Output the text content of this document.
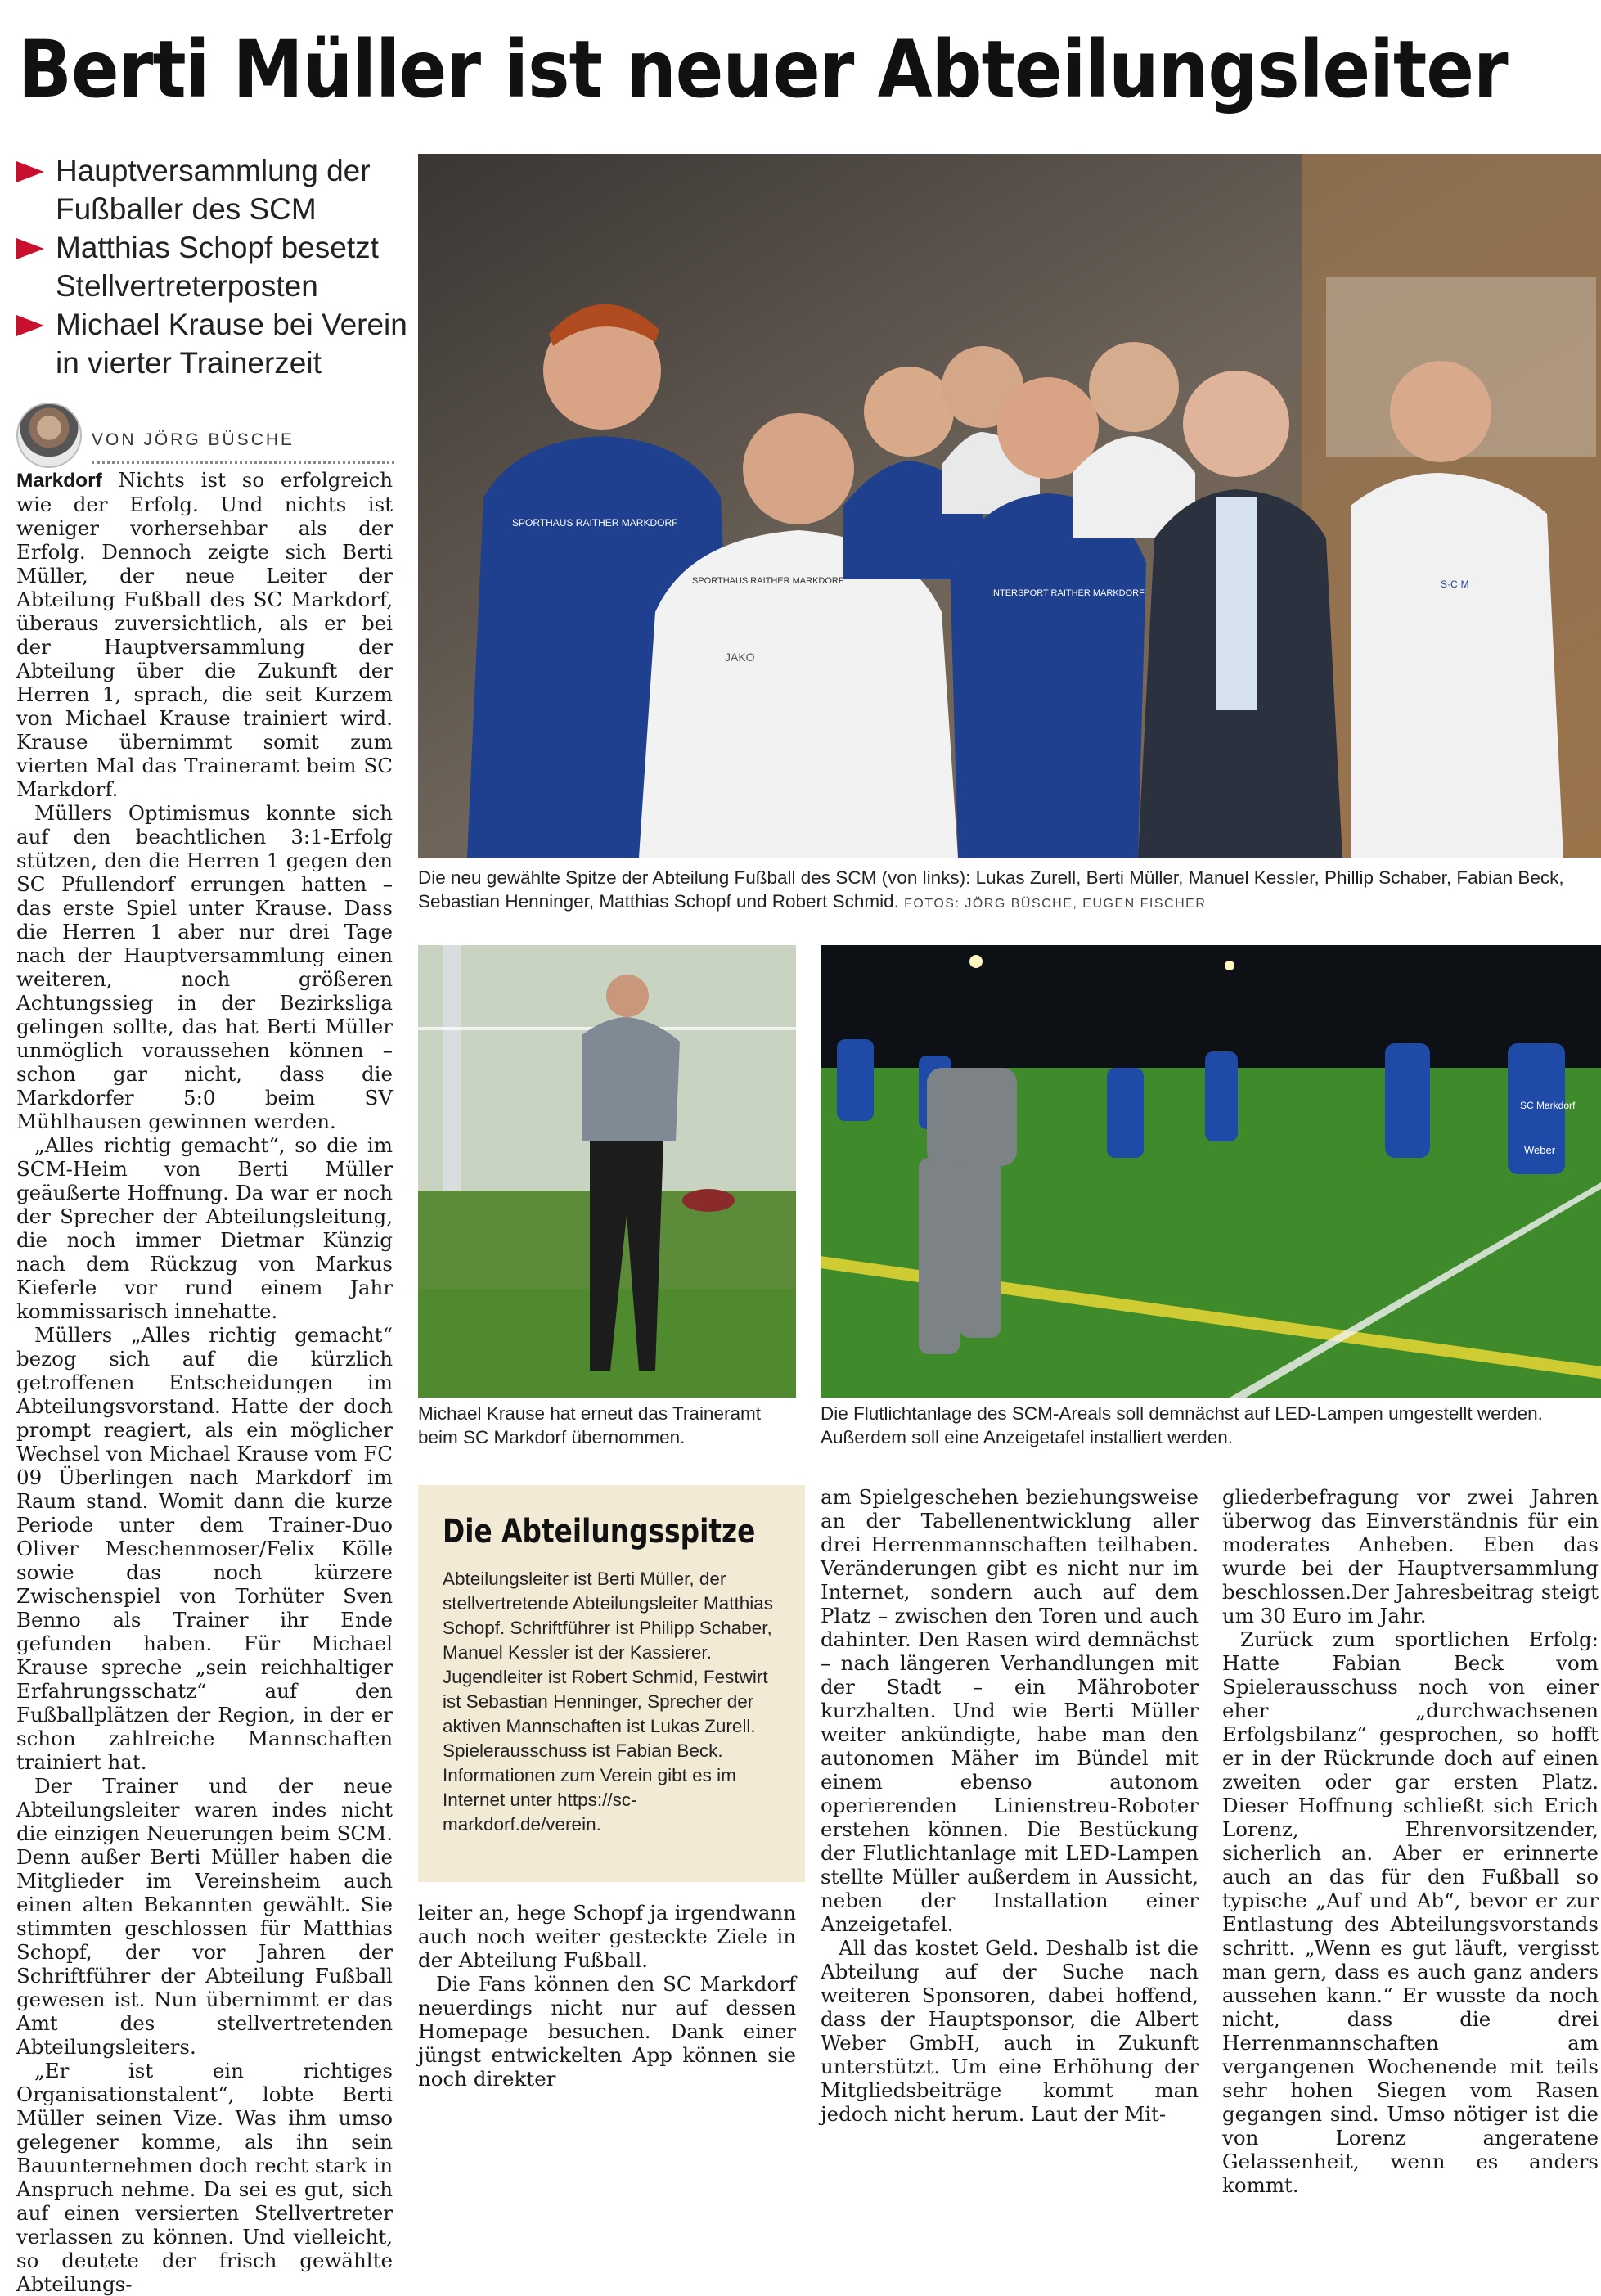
Berti Müller ist neuer Abteilungsleiter
Hauptversammlung der Fußballer des SCM
Matthias Schopf besetzt Stellvertreterposten
Michael Krause bei Verein in vierter Trainerzeit
VON JÖRG BÜSCHE

Markdorf Nichts ist so erfolgreich wie der Erfolg. Und nichts ist weniger vorhersehbar als der Erfolg. Dennoch zeigte sich Berti Müller, der neue Leiter der Abteilung Fußball des SC Markdorf, überaus zuversichtlich, als er bei der Hauptversammlung der Abteilung über die Zukunft der Herren 1, sprach, die seit Kurzem von Michael Krause trainiert wird. Krause übernimmt somit zum vierten Mal das Traineramt beim SC Markdorf.

Müllers Optimismus konnte sich auf den beachtlichen 3:1-Erfolg stützen, den die Herren 1 gegen den SC Pfullendorf errungen hatten – das erste Spiel unter Krause. Dass die Herren 1 aber nur drei Tage nach der Hauptversammlung einen weiteren, noch größeren Achtungssieg in der Bezirksliga gelingen sollte, das hat Berti Müller unmöglich voraussehen können – schon gar nicht, dass die Markdorfer 5:0 beim SV Mühlhausen gewinnen werden.

„Alles richtig gemacht“, so die im SCM-Heim von Berti Müller geäußerte Hoffnung. Da war er noch der Sprecher der Abteilungsleitung, die noch immer Dietmar Künzig nach dem Rückzug von Markus Kieferle vor rund einem Jahr kommissarisch innehatte.

Müllers „Alles richtig gemacht“ bezog sich auf die kürzlich getroffenen Entscheidungen im Abteilungsvorstand. Hatte der doch prompt reagiert, als ein möglicher Wechsel von Michael Krause vom FC 09 Überlingen nach Markdorf im Raum stand. Womit dann die kurze Periode unter dem Trainer-Duo Oliver Meschenmoser/Felix Kölle sowie das noch kürzere Zwischenspiel von Torhüter Sven Benno als Trainer ihr Ende gefunden haben. Für Michael Krause spreche „sein reichhaltiger Erfahrungsschatz“ auf den Fußballplätzen der Region, in der er schon zahlreiche Mannschaften trainiert hat.

Der Trainer und der neue Abteilungsleiter waren indes nicht die einzigen Neuerungen beim SCM. Denn außer Berti Müller haben die Mitglieder im Vereinsheim auch einen alten Bekannten gewählt. Sie stimmten geschlossen für Matthias Schopf, der vor Jahren der Schriftführer der Abteilung Fußball gewesen ist. Nun übernimmt er das Amt des stellvertretenden Abteilungsleiters.

„Er ist ein richtiges Organisationstalent“, lobte Berti Müller seinen Vize. Was ihm umso gelegener komme, als ihn sein Bauunternehmen doch recht stark in Anspruch nehme. Da sei es gut, sich auf einen versierten Stellvertreter verlassen zu können. Und vielleicht, so deutete der frisch gewählte Abteilungs-

SPORTHAUS RAITHER MARKDORF
SPORTHAUS RAITHER MARKDORF
INTERSPORT RAITHER MARKDORF
JAKO
S·C·M
Die neu gewählte Spitze der Abteilung Fußball des SCM (von links): Lukas Zurell, Berti Müller, Manuel Kessler, Phillip Schaber, Fabian Beck, Sebastian Henninger, Matthias Schopf und Robert Schmid. FOTOS: JÖRG BÜSCHE, EUGEN FISCHER
Michael Krause hat erneut das Traineramt beim SC Markdorf übernommen.
SC Markdorf
Weber
Die Flutlichtanlage des SCM-Areals soll demnächst auf LED-Lampen umgestellt werden. Außerdem soll eine Anzeigetafel installiert werden.
Die Abteilungsspitze
Abteilungsleiter ist Berti Müller, der stellvertretende Abteilungsleiter Matthias Schopf. Schriftführer ist Philipp Schaber, Manuel Kessler ist der Kassierer. Jugendleiter ist Robert Schmid, Festwirt ist Sebastian Henninger, Sprecher der aktiven Mannschaften ist Lukas Zurell. Spielerausschuss ist Fabian Beck. Informationen zum Verein gibt es im Internet unter https://sc-markdorf.de/verein.

leiter an, hege Schopf ja irgendwann auch noch weiter gesteckte Ziele in der Abteilung Fußball.

Die Fans können den SC Markdorf neuerdings nicht nur auf dessen Homepage besuchen. Dank einer jüngst entwickelten App können sie noch direkter

am Spielgeschehen beziehungsweise an der Tabellenentwicklung aller drei Herrenmannschaften teilhaben. Veränderungen gibt es nicht nur im Internet, sondern auch auf dem Platz – zwischen den Toren und auch dahinter. Den Rasen wird demnächst – nach längeren Verhandlungen mit der Stadt – ein Mähroboter kurzhalten. Und wie Berti Müller weiter ankündigte, habe man den autonomen Mäher im Bündel mit einem ebenso autonom operierenden Linienstreu-Roboter erstehen können. Die Bestückung der Flutlichtanlage mit LED-Lampen stellte Müller außerdem in Aussicht, neben der Installation einer Anzeigetafel.

All das kostet Geld. Deshalb ist die Abteilung auf der Suche nach weiteren Sponsoren, dabei hoffend, dass der Hauptsponsor, die Albert Weber GmbH, auch in Zukunft unterstützt. Um eine Erhöhung der Mitgliedsbeiträge kommt man jedoch nicht herum. Laut der Mit-

gliederbefragung vor zwei Jahren überwog das Einverständnis für ein moderates Anheben. Eben das wurde bei der Hauptversammlung beschlossen.Der Jahresbeitrag steigt um 30 Euro im Jahr.

Zurück zum sportlichen Erfolg: Hatte Fabian Beck vom Spielerausschuss noch von einer eher „durchwachsenen Erfolgsbilanz“ gesprochen, so hofft er in der Rückrunde doch auf einen zweiten oder gar ersten Platz. Dieser Hoffnung schließt sich Erich Lorenz, Ehrenvorsitzender, sicherlich an. Aber er erinnerte auch an das für den Fußball so typische „Auf und Ab“, bevor er zur Entlastung des Abteilungsvorstands schritt. „Wenn es gut läuft, vergisst man gern, dass es auch ganz anders aussehen kann.“ Er wusste da noch nicht, dass die drei Herrenmannschaften am vergangenen Wochenende mit teils sehr hohen Siegen vom Rasen gegangen sind. Umso nötiger ist die von Lorenz angeratene Gelassenheit, wenn es anders kommt.
